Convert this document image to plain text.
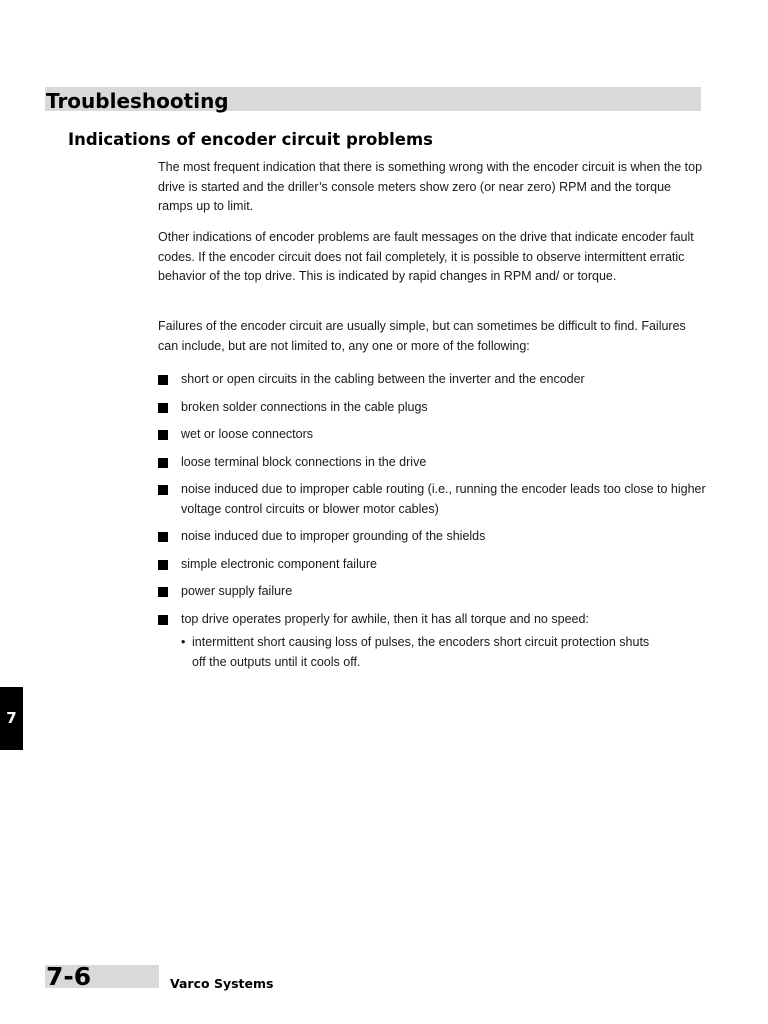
Troubleshooting
Indications of encoder circuit problems

The most frequent indication that there is something wrong with the encoder circuit is when the top drive is started and the driller’s console meters show zero (or near zero) RPM and the torque ramps up to limit.

Other indications of encoder problems are fault messages on the drive that indicate encoder fault codes. If the encoder circuit does not fail completely, it is possible to observe intermittent erratic behavior of the top drive. This is indicated by rapid changes in RPM and/ or torque.

Failures of the encoder circuit are usually simple, but can sometimes be difficult to find. Failures can include, but are not limited to, any one or more of the following:

short or open circuits in the cabling between the inverter and the encoder
broken solder connections in the cable plugs
wet or loose connectors
loose terminal block connections in the drive
noise induced due to improper cable routing (i.e., running the encoder leads too close to higher voltage control circuits or blower motor cables)
noise induced due to improper grounding of the shields
simple electronic component failure
power supply failure
top drive operates properly for awhile, then it has all torque and no speed:
• intermittent short causing loss of pulses, the encoders short circuit protection shuts off the outputs until it cools off.
7

7-6	Varco Systems
